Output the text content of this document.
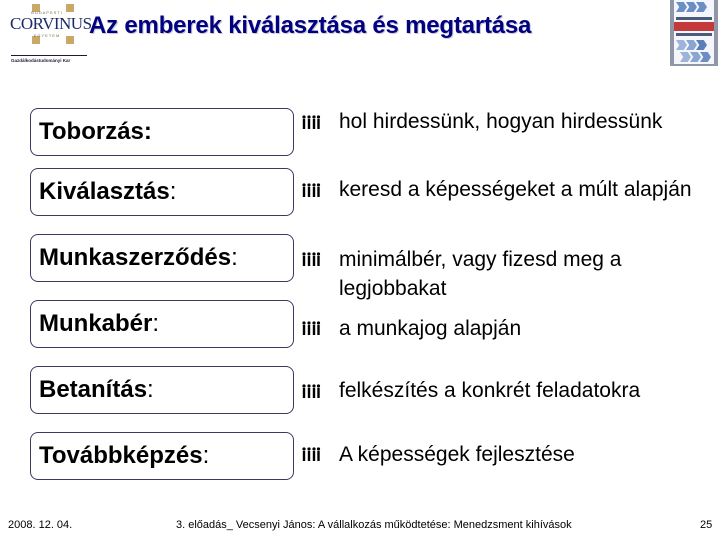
BUDAPESTI
CORVINUS
EGYETEM
Gazdálkodástudományi Kar
Az emberek kiválasztása és megtartása
Toborzás:	hol hirdessünk, hogyan hirdessünk
Kiválasztás:	keresd a képességeket a múlt alapján
Munkaszerződés:	minimálbér, vagy fizesd meg a legjobbakat
Munkabér:	a munkajog alapján
Betanítás:	felkészítés a konkrét feladatokra
Továbbképzés:	A képességek fejlesztése
2008. 12. 04.	3. előadás_ Vecsenyi János: A vállalkozás működtetése: Menedzsment kihívások	25
